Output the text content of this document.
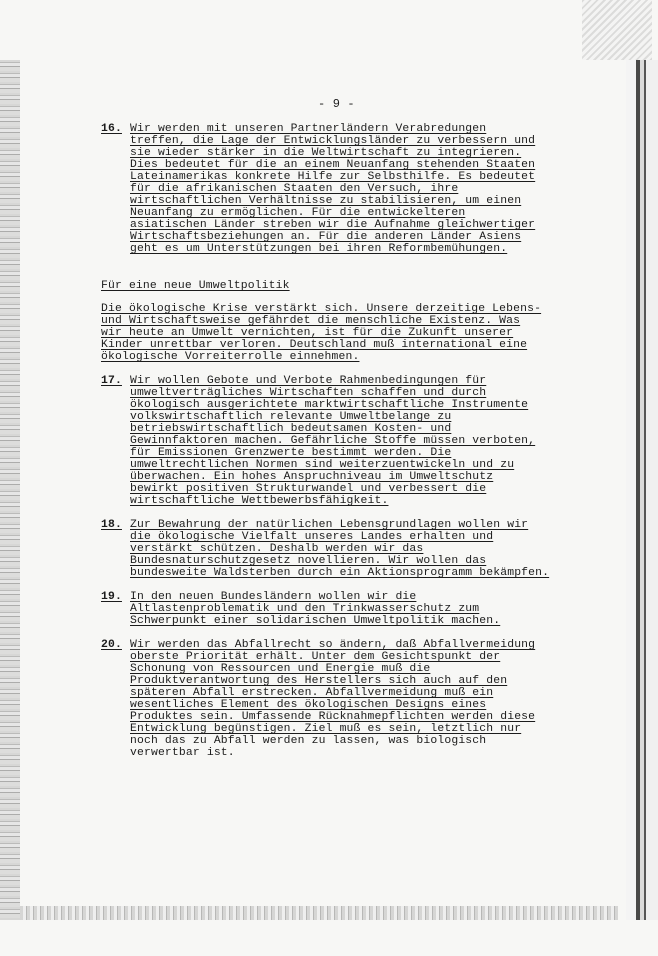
- 9 -
16. Wir werden mit unseren Partnerländern Verabredungen
treffen, die Lage der Entwicklungsländer zu verbessern und
sie wieder stärker in die Weltwirtschaft zu integrieren.
Dies bedeutet für die an einem Neuanfang stehenden Staaten
Lateinamerikas konkrete Hilfe zur Selbsthilfe. Es bedeutet
für die afrikanischen Staaten den Versuch, ihre
wirtschaftlichen Verhältnisse zu stabilisieren, um einen
Neuanfang zu ermöglichen. Für die entwickelteren
asiatischen Länder streben wir die Aufnahme gleichwertiger
Wirtschaftsbeziehungen an. Für die anderen Länder Asiens
geht es um Unterstützungen bei ihren Reformbemühungen.
Für eine neue Umweltpolitik
Die ökologische Krise verstärkt sich. Unsere derzeitige Lebens-
und Wirtschaftsweise gefährdet die menschliche Existenz. Was
wir heute an Umwelt vernichten, ist für die Zukunft unserer
Kinder unrettbar verloren. Deutschland muß international eine
ökologische Vorreiterrolle einnehmen.
17. Wir wollen Gebote und Verbote Rahmenbedingungen für
umweltverträgliches Wirtschaften schaffen und durch
ökologisch ausgerichtete marktwirtschaftliche Instrumente
volkswirtschaftlich relevante Umweltbelange zu
betriebswirtschaftlich bedeutsamen Kosten- und
Gewinnfaktoren machen. Gefährliche Stoffe müssen verboten,
für Emissionen Grenzwerte bestimmt werden. Die
umweltrechtlichen Normen sind weiterzuentwickeln und zu
überwachen. Ein hohes Anspruchniveau im Umweltschutz
bewirkt positiven Strukturwandel und verbessert die
wirtschaftliche Wettbewerbsfähigkeit.
18. Zur Bewahrung der natürlichen Lebensgrundlagen wollen wir
die ökologische Vielfalt unseres Landes erhalten und
verstärkt schützen. Deshalb werden wir das
Bundesnaturschutzgesetz novellieren. Wir wollen das
bundesweite Waldsterben durch ein Aktionsprogramm bekämpfen.
19. In den neuen Bundesländern wollen wir die
Altlastenproblematik und den Trinkwasserschutz zum
Schwerpunkt einer solidarischen Umweltpolitik machen.
20. Wir werden das Abfallrecht so ändern, daß Abfallvermeidung
oberste Priorität erhält. Unter dem Gesichtspunkt der
Schonung von Ressourcen und Energie muß die
Produktverantwortung des Herstellers sich auch auf den
späteren Abfall erstrecken. Abfallvermeidung muß ein
wesentliches Element des ökologischen Designs eines
Produktes sein. Umfassende Rücknahmepflichten werden diese
Entwicklung begünstigen. Ziel muß es sein, letztlich nur
noch das zu Abfall werden zu lassen, was biologisch
verwertbar ist.
